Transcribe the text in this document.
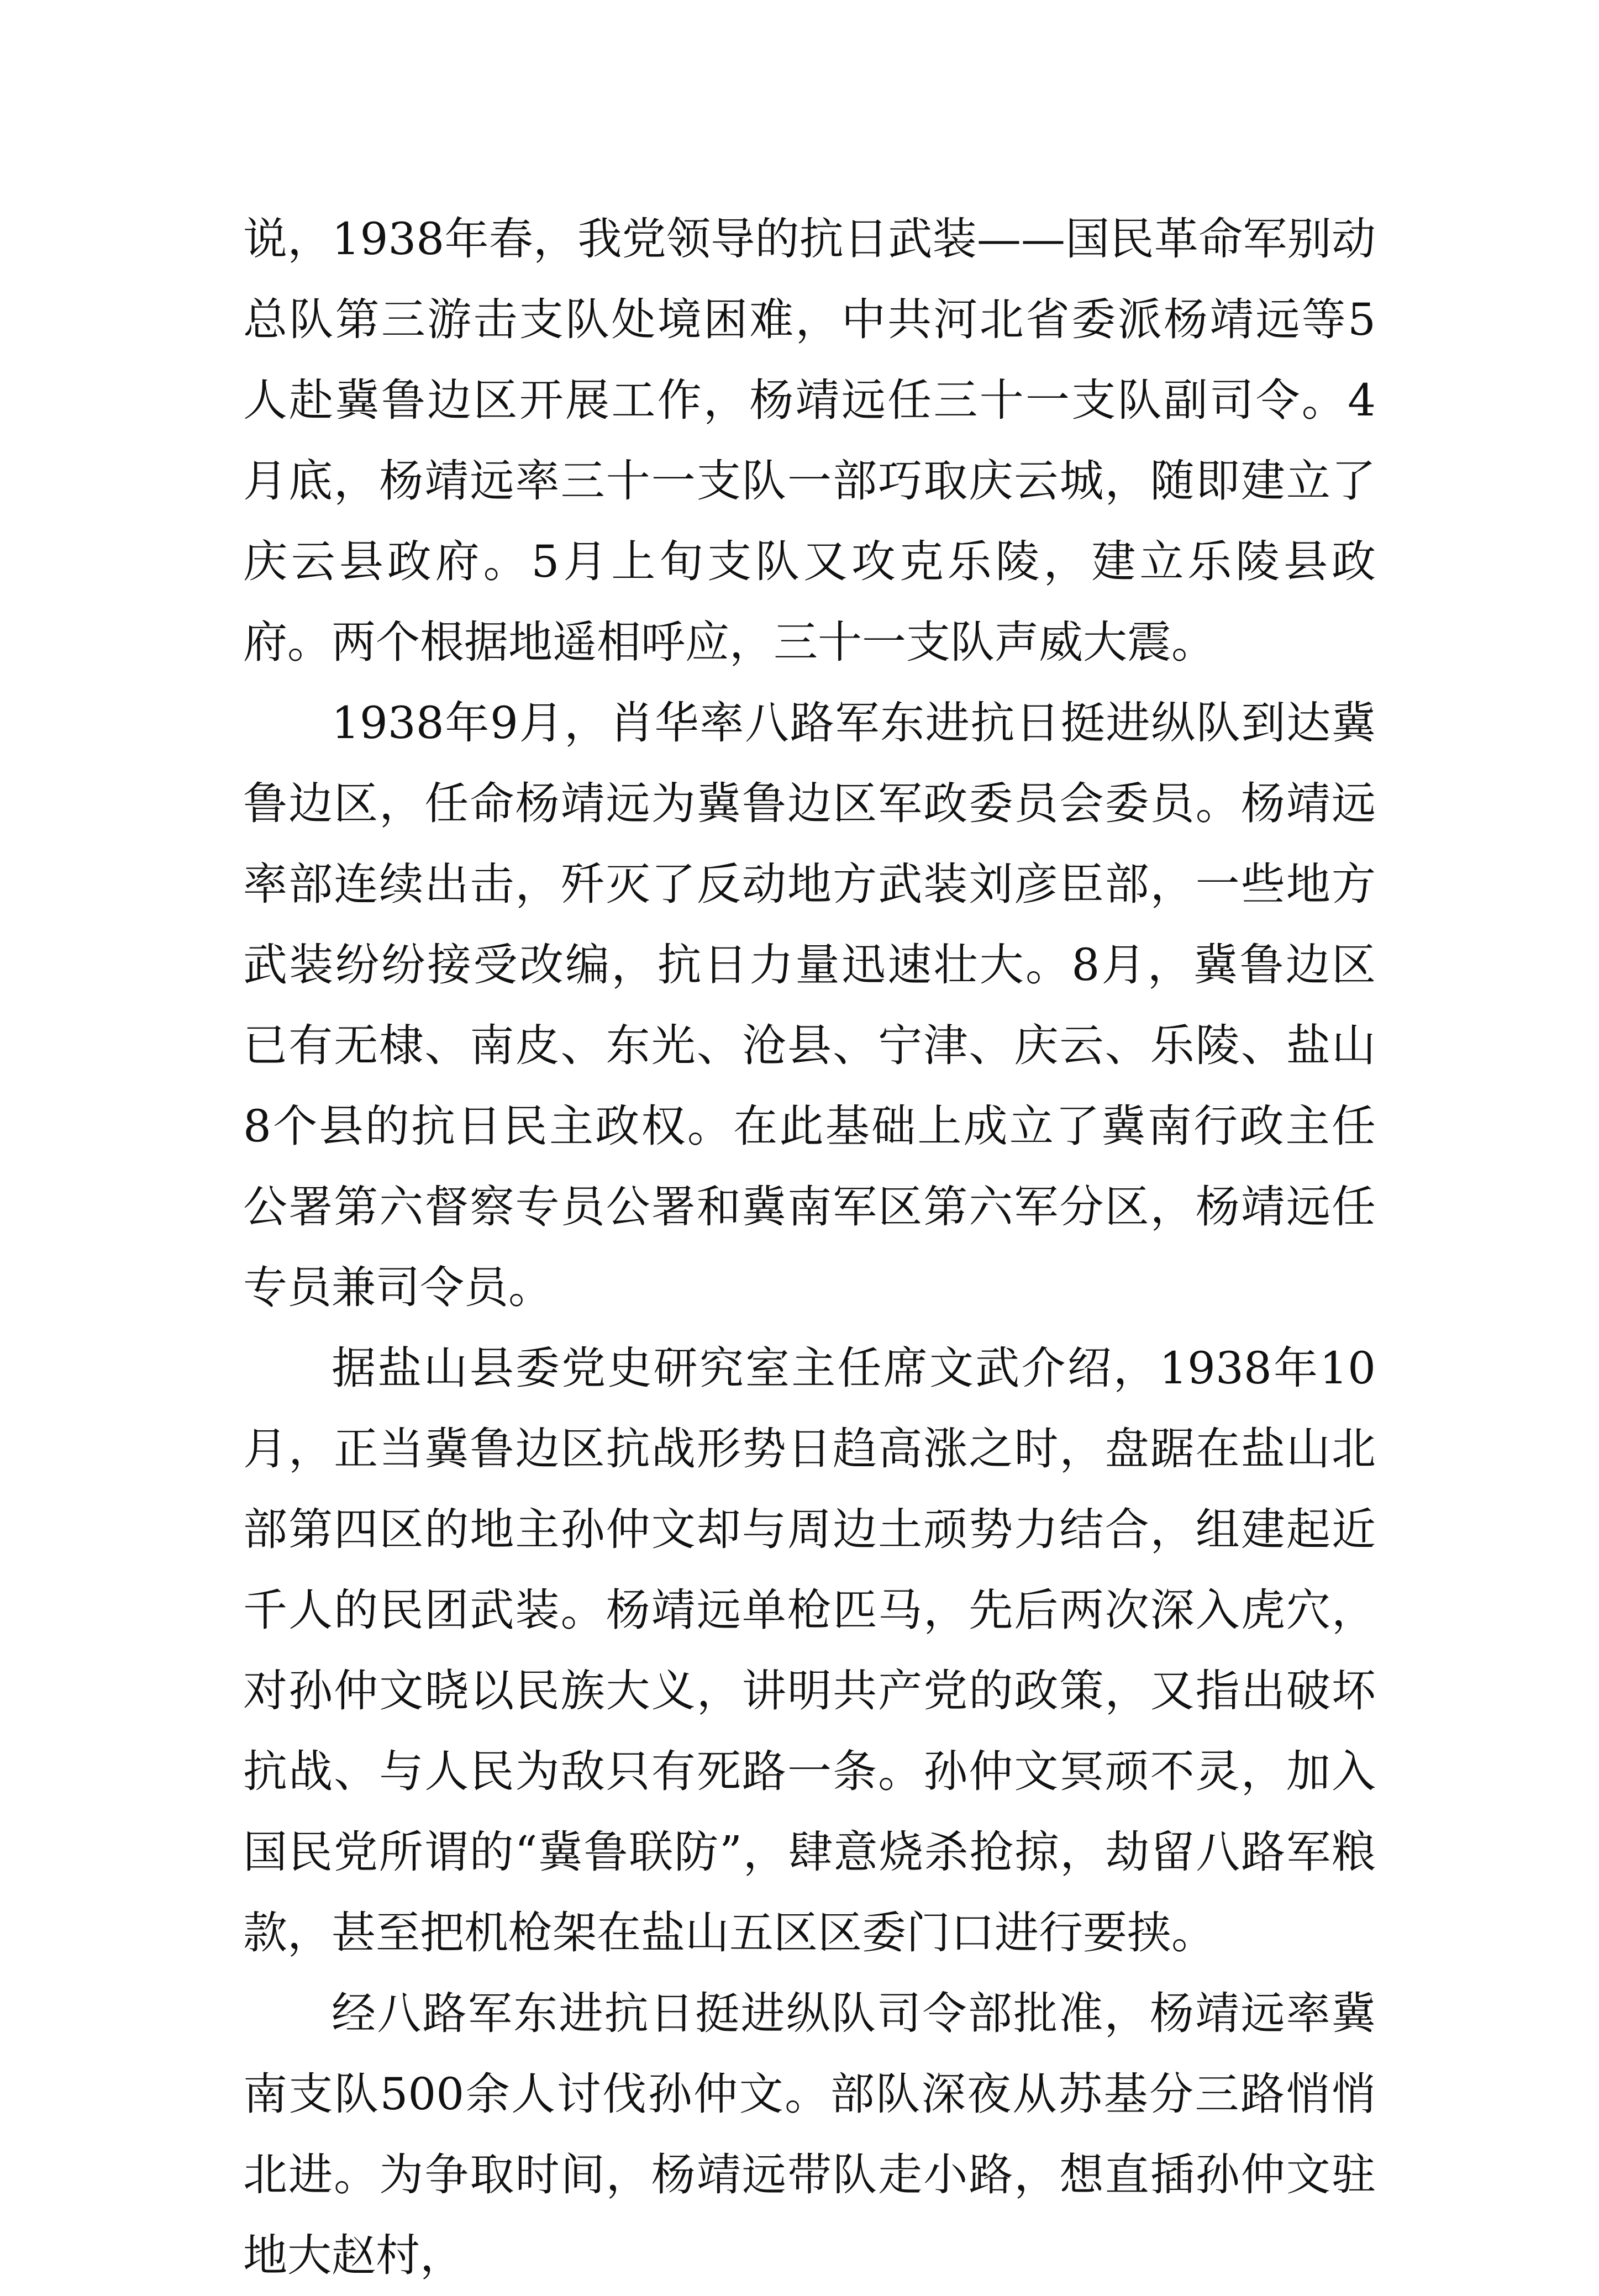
说，1938年春，我党领导的抗日武装——国民革命军别动总队第三游击支队处境困难，中共河北省委派杨靖远等5人赴冀鲁边区开展工作，杨靖远任三十一支队副司令。4月底，杨靖远率三十一支队一部巧取庆云城，随即建立了庆云县政府。5月上旬支队又攻克乐陵，建立乐陵县政府。两个根据地遥相呼应，三十一支队声威大震。

1938年9月，肖华率八路军东进抗日挺进纵队到达冀鲁边区，任命杨靖远为冀鲁边区军政委员会委员。杨靖远率部连续出击，歼灭了反动地方武装刘彦臣部，一些地方武装纷纷接受改编，抗日力量迅速壮大。8月，冀鲁边区已有无棣、南皮、东光、沧县、宁津、庆云、乐陵、盐山8个县的抗日民主政权。在此基础上成立了冀南行政主任公署第六督察专员公署和冀南军区第六军分区，杨靖远任专员兼司令员。

据盐山县委党史研究室主任席文武介绍，1938年10月，正当冀鲁边区抗战形势日趋高涨之时，盘踞在盐山北部第四区的地主孙仲文却与周边土顽势力结合，组建起近千人的民团武装。杨靖远单枪匹马，先后两次深入虎穴，对孙仲文晓以民族大义，讲明共产党的政策，又指出破坏抗战、与人民为敌只有死路一条。孙仲文冥顽不灵，加入国民党所谓的“冀鲁联防”，肆意烧杀抢掠，劫留八路军粮款，甚至把机枪架在盐山五区区委门口进行要挟。

经八路军东进抗日挺进纵队司令部批准，杨靖远率冀南支队500余人讨伐孙仲文。部队深夜从苏基分三路悄悄北进。为争取时间，杨靖远带队走小路，想直插孙仲文驻地大赵村，
